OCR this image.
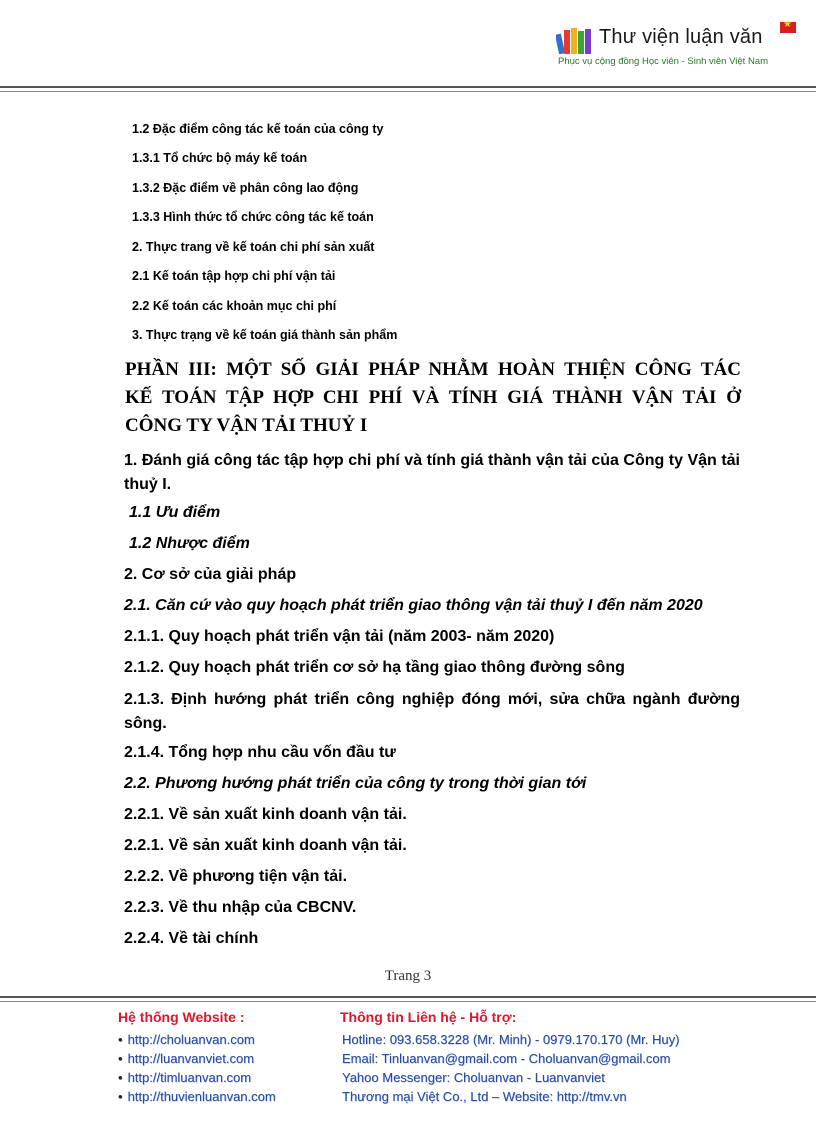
Thư viện luận văn
★
Phục vụ cộng đồng Học viên - Sinh viên Việt Nam
1.2 Đặc điểm công tác kế toán của công ty
1.3.1 Tổ chức bộ máy kế toán
1.3.2 Đặc điểm về phân công lao động
1.3.3 Hình thức tổ chức công tác kế toán
2. Thực trang về kế toán chi phí sản xuất
2.1 Kế toán tập hợp chi phí vận tải
2.2 Kế toán các khoản mục chi phí
3. Thực trạng về kế toán giá thành sản phẩm
PHẦN III: MỘT SỐ GIẢI PHÁP NHẰM HOÀN THIỆN CÔNG TÁC
KẾ TOÁN TẬP HỢP CHI PHÍ VÀ TÍNH GIÁ THÀNH VẬN TẢI Ở
CÔNG TY VẬN TẢI THUỶ I
1. Đánh giá công tác tập hợp chi phí và tính giá thành vận tải của Công ty Vận tải thuỷ I.
1.1 Ưu điểm
1.2 Nhược điểm
2. Cơ sở của giải pháp
2.1. Căn cứ vào quy hoạch phát triển giao thông vận tải thuỷ I đến năm 2020
2.1.1. Quy hoạch phát triển vận tải (năm 2003- năm 2020)
2.1.2. Quy hoạch phát triển cơ sở hạ tầng giao thông đường sông
2.1.3. Định hướng phát triển công nghiệp đóng mới, sửa chữa ngành đường sông.
2.1.4. Tổng hợp nhu cầu vốn đầu tư
2.2. Phương hướng phát triển của công ty trong thời gian tới
2.2.1. Về sản xuất kinh doanh vận tải.
2.2.1. Về sản xuất kinh doanh vận tải.
2.2.2. Về phương tiện vận tải.
2.2.3. Về thu nhập của CBCNV.
2.2.4. Về tài chính
Trang 3
Hệ thống Website :
• http://choluanvan.com
• http://luanvanviet.com
• http://timluanvan.com
• http://thuvienluanvan.com
Thông tin Liên hệ - Hỗ trợ:
Hotline: 093.658.3228 (Mr. Minh) - 0979.170.170 (Mr. Huy)
Email: Tinluanvan@gmail.com - Choluanvan@gmail.com
Yahoo Messenger: Choluanvan - Luanvanviet
Thương mại Việt Co., Ltd – Website: http://tmv.vn
